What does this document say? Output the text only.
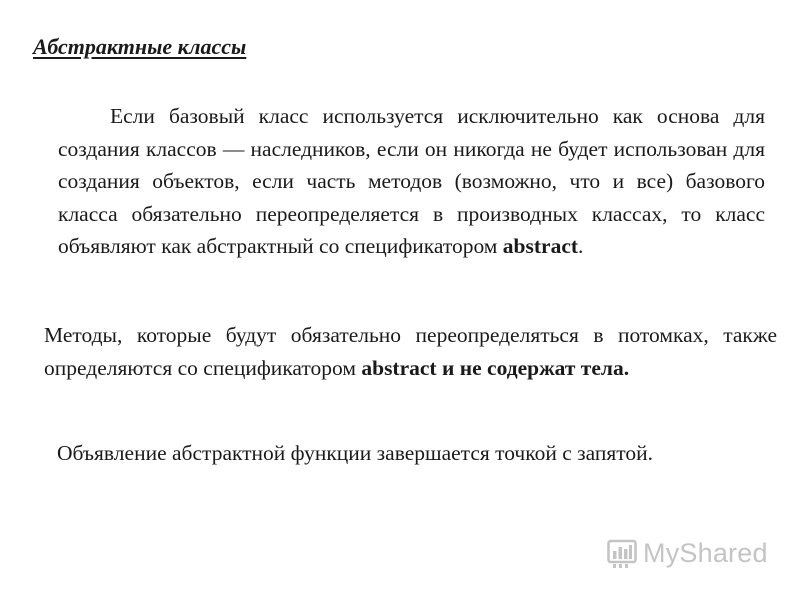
Абстрактные классы

Если базовый класс используется исключительно как основа для создания классов — наследников, если он никогда не будет использован для создания объектов, если часть методов (возможно, что и все) базового класса обязательно переопределяется в производных классах, то класс объявляют как абстрактный со спецификатором abstract.

Методы, которые будут обязательно переопределяться в потомках, также определяются со спецификатором abstract и не содержат тела.

Объявление абстрактной функции завершается точкой с запятой.

MyShared
